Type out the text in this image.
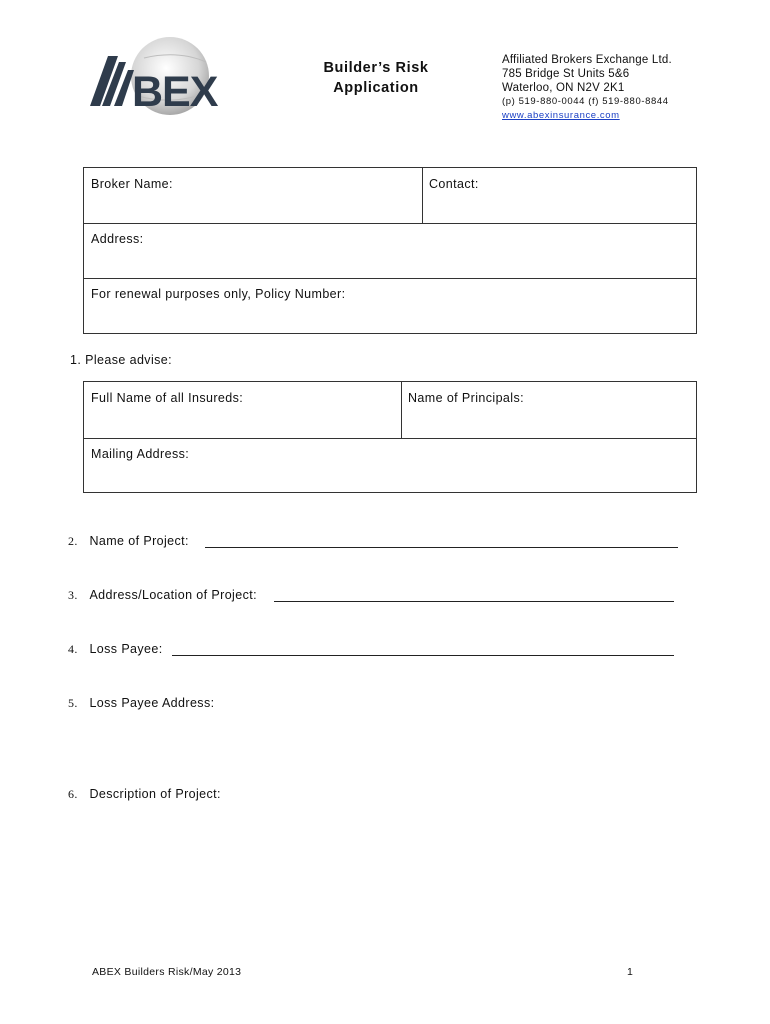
BEX	Builder’s Risk
Application
Affiliated Brokers Exchange Ltd.
785 Bridge St Units 5&6
Waterloo, ON N2V 2K1
(p) 519-880-0044 (f) 519-880-8844
www.abexinsurance.com
Broker Name:	Contact:
Address:
For renewal purposes only, Policy Number:
1. Please advise:
Full Name of all Insureds:	Name of Principals:
Mailing Address:
2. Name of Project:
3. Address/Location of Project:
4. Loss Payee:
5. Loss Payee Address:
6. Description of Project:
ABEX Builders Risk/May 2013	1
